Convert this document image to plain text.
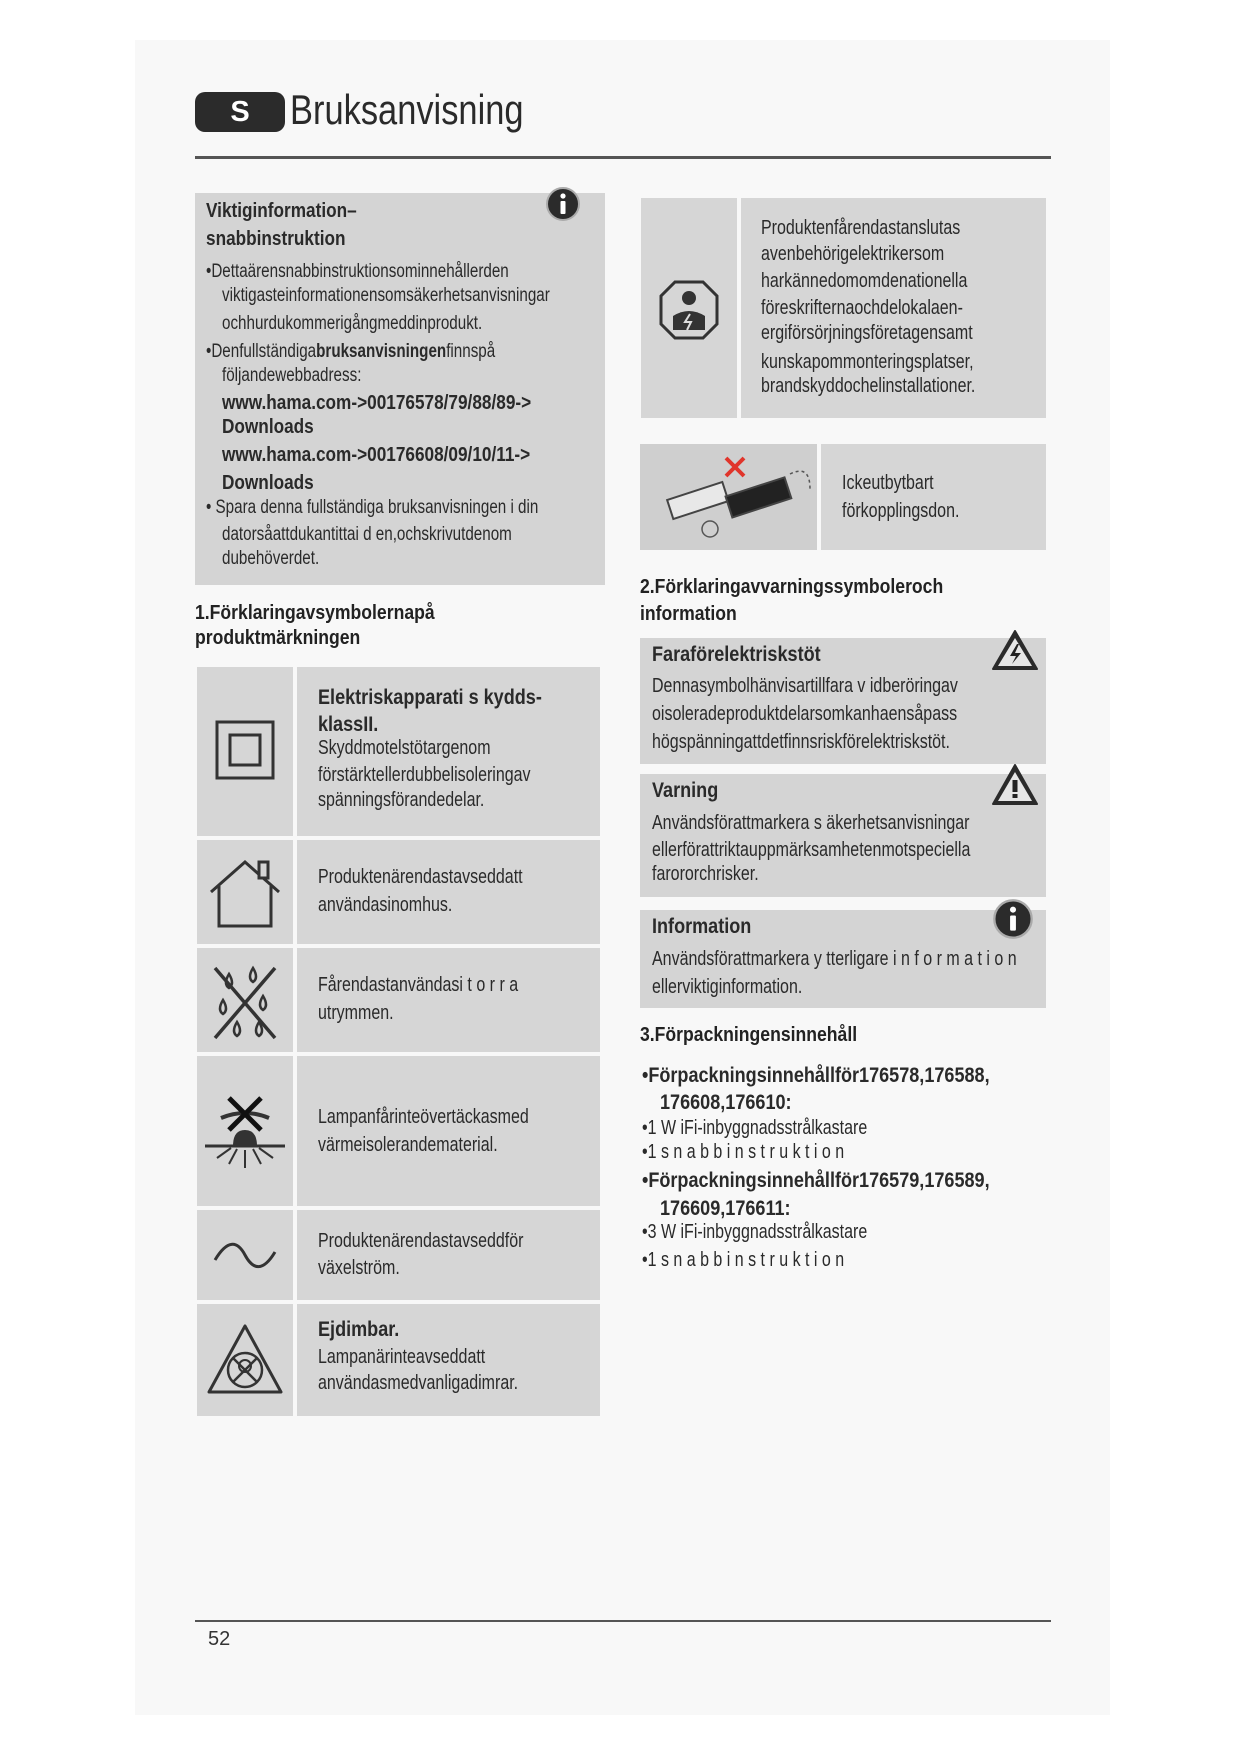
S Bruksanvisning
Viktiginformation–
snabbinstruktion
•Dettaärensnabbinstruktionsominnehållerden
viktigasteinformationensomsäkerhetsanvisningar
ochhurdukommerigångmeddinprodukt.
•Denfullständigabruksanvisningenfinnspå
följandewebbadress:
www.hama.com->00176578/79/88/89->
Downloads
www.hama.com->00176608/09/10/11->
Downloads
• Spara denna fullständiga bruksanvisningen i din
datorsåattdukantittai d en,ochskrivutdenom
dubehöverdet.
1.Förklaringavsymbolernapå
produktmärkningen
Elektriskapparati s kydds-
klassII.
Skyddmotelstötargenom
förstärktellerdubbelisoleringav
spänningsförandedelar.
Produktenärendastavseddatt
användasinomhus.
Fårendastanvändasi t o r r a
utrymmen.
Lampanfårinteövertäckasmed
värmeisolerandematerial.
Produktenärendastavseddför
växelström.
Ejdimbar.
Lampanärinteavseddatt
användasmedvanligadimrar.
Produktenfårendastanslutas
avenbehörigelektrikersom
harkännedomomdenationella
föreskrifternaochdelokalaen-
ergiförsörjningsföretagensamt
kunskapommonteringsplatser,
brandskyddochelinstallationer.
Ickeutbytbart
förkopplingsdon.
2.Förklaringavvarningssymboleroch
information
Faraförelektriskstöt
Dennasymbolhänvisartillfara v idberöringav
oisoleradeproduktdelarsomkanhaensåpass
högspänningattdetfinnsriskförelektriskstöt.
Varning
Användsförattmarkera s äkerhetsanvisningar
ellerförattriktauppmärksamhetenmotspeciella
farororchrisker.
Information
Användsförattmarkera y tterligare i n f o r m a t i o n
ellerviktiginformation.
3.Förpackningensinnehåll
•Förpackningsinnehållför176578,176588,
176608,176610:
•1 W iFi-inbyggnadsstrålkastare
•1 s n a b b i n s t r u k t i o n
•Förpackningsinnehållför176579,176589,
176609,176611:
•3 W iFi-inbyggnadsstrålkastare
•1 s n a b b i n s t r u k t i o n
52
